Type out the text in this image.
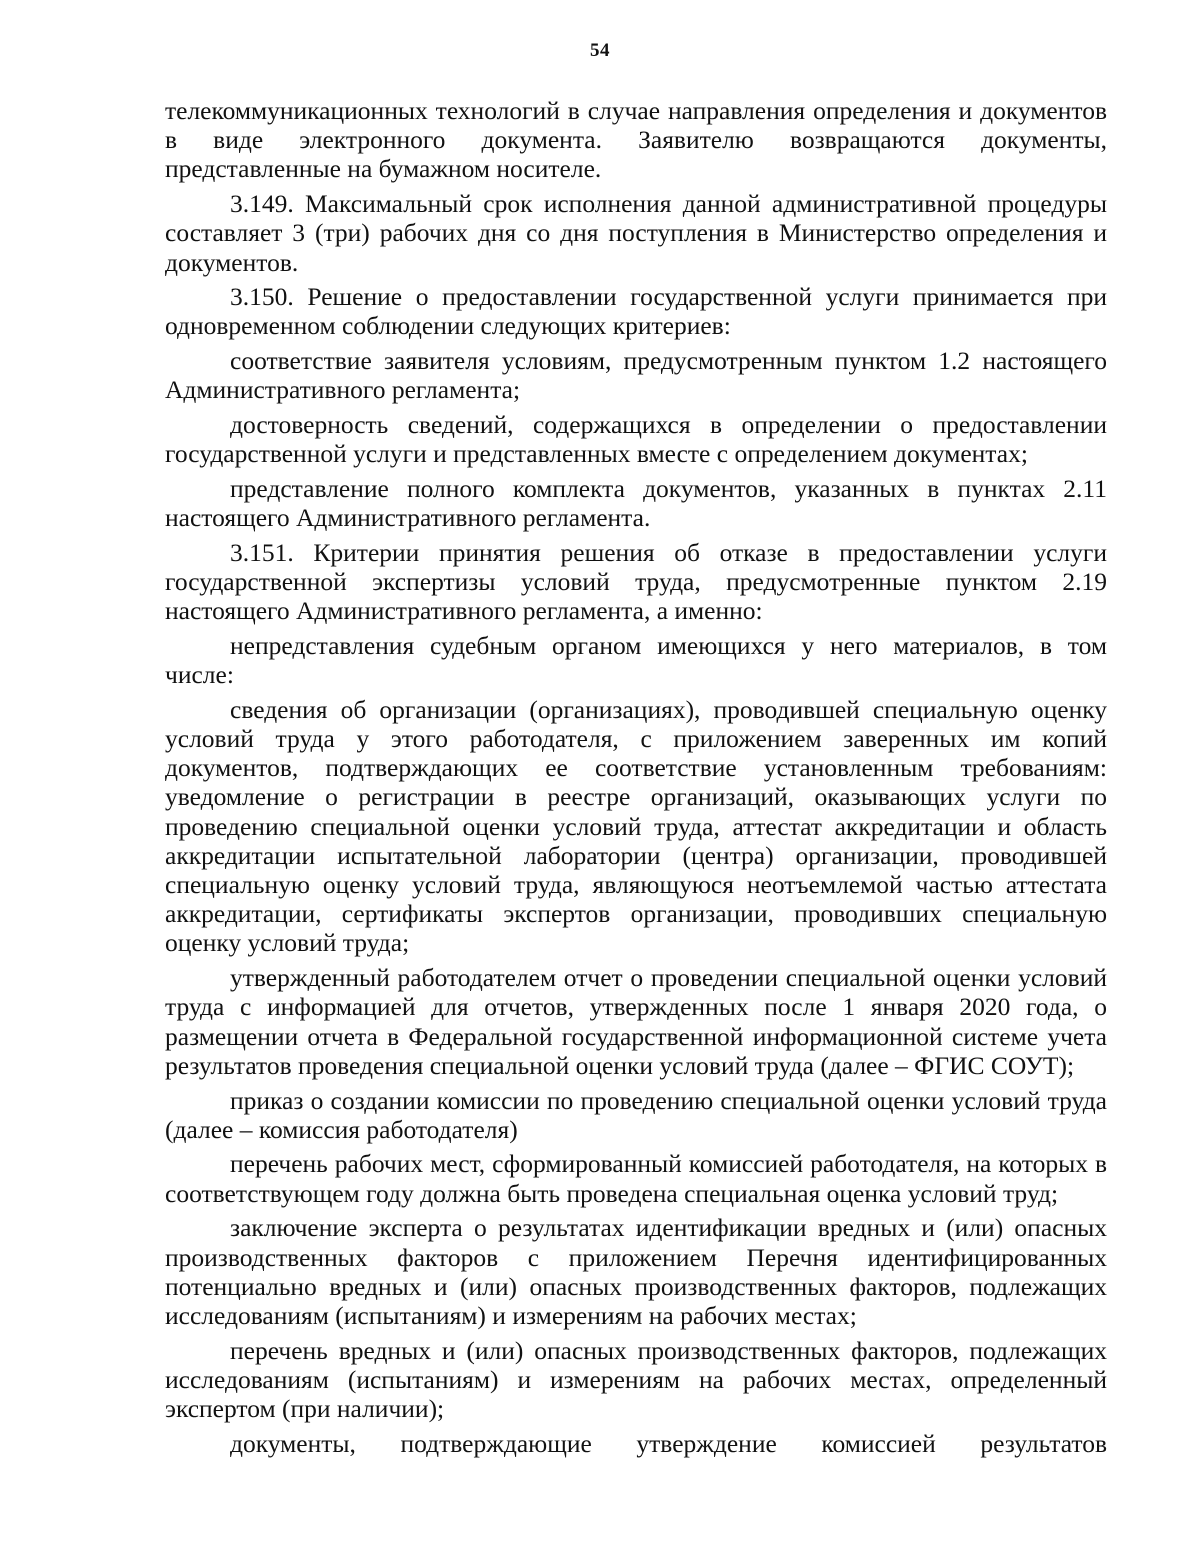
54

телекоммуникационных технологий в случае направления определения и документов в виде электронного документа. Заявителю возвращаются документы, представленные на бумажном носителе.

3.149. Максимальный срок исполнения данной административной процедуры составляет 3 (три) рабочих дня со дня поступления в Министерство определения и документов.

3.150. Решение о предоставлении государственной услуги принимается при одновременном соблюдении следующих критериев:

соответствие заявителя условиям, предусмотренным пунктом 1.2 настоящего Административного регламента;

достоверность сведений, содержащихся в определении о предоставлении государственной услуги и представленных вместе с определением документах;

представление полного комплекта документов, указанных в пунктах 2.11 настоящего Административного регламента.

3.151. Критерии принятия решения об отказе в предоставлении услуги государственной экспертизы условий труда, предусмотренные пунктом 2.19 настоящего Административного регламента, а именно:

непредставления судебным органом имеющихся у него материалов, в том числе:

сведения об организации (организациях), проводившей специальную оценку условий труда у этого работодателя, с приложением заверенных им копий документов, подтверждающих ее соответствие установленным требованиям: уведомление о регистрации в реестре организаций, оказывающих услуги по проведению специальной оценки условий труда, аттестат аккредитации и область аккредитации испытательной лаборатории (центра) организации, проводившей специальную оценку условий труда, являющуюся неотъемлемой частью аттестата аккредитации, сертификаты экспертов организации, проводивших специальную оценку условий труда;

утвержденный работодателем отчет о проведении специальной оценки условий труда с информацией для отчетов, утвержденных после 1 января 2020 года, о размещении отчета в Федеральной государственной информационной системе учета результатов проведения специальной оценки условий труда (далее – ФГИС СОУТ);

приказ о создании комиссии по проведению специальной оценки условий труда (далее – комиссия работодателя)

перечень рабочих мест, сформированный комиссией работодателя, на которых в соответствующем году должна быть проведена специальная оценка условий труд;

заключение эксперта о результатах идентификации вредных и (или) опасных производственных факторов с приложением Перечня идентифицированных потенциально вредных и (или) опасных производственных факторов, подлежащих исследованиям (испытаниям) и измерениям на рабочих местах;

перечень вредных и (или) опасных производственных факторов, подлежащих исследованиям (испытаниям) и измерениям на рабочих местах, определенный экспертом (при наличии);

документы, подтверждающие утверждение комиссией результатов
